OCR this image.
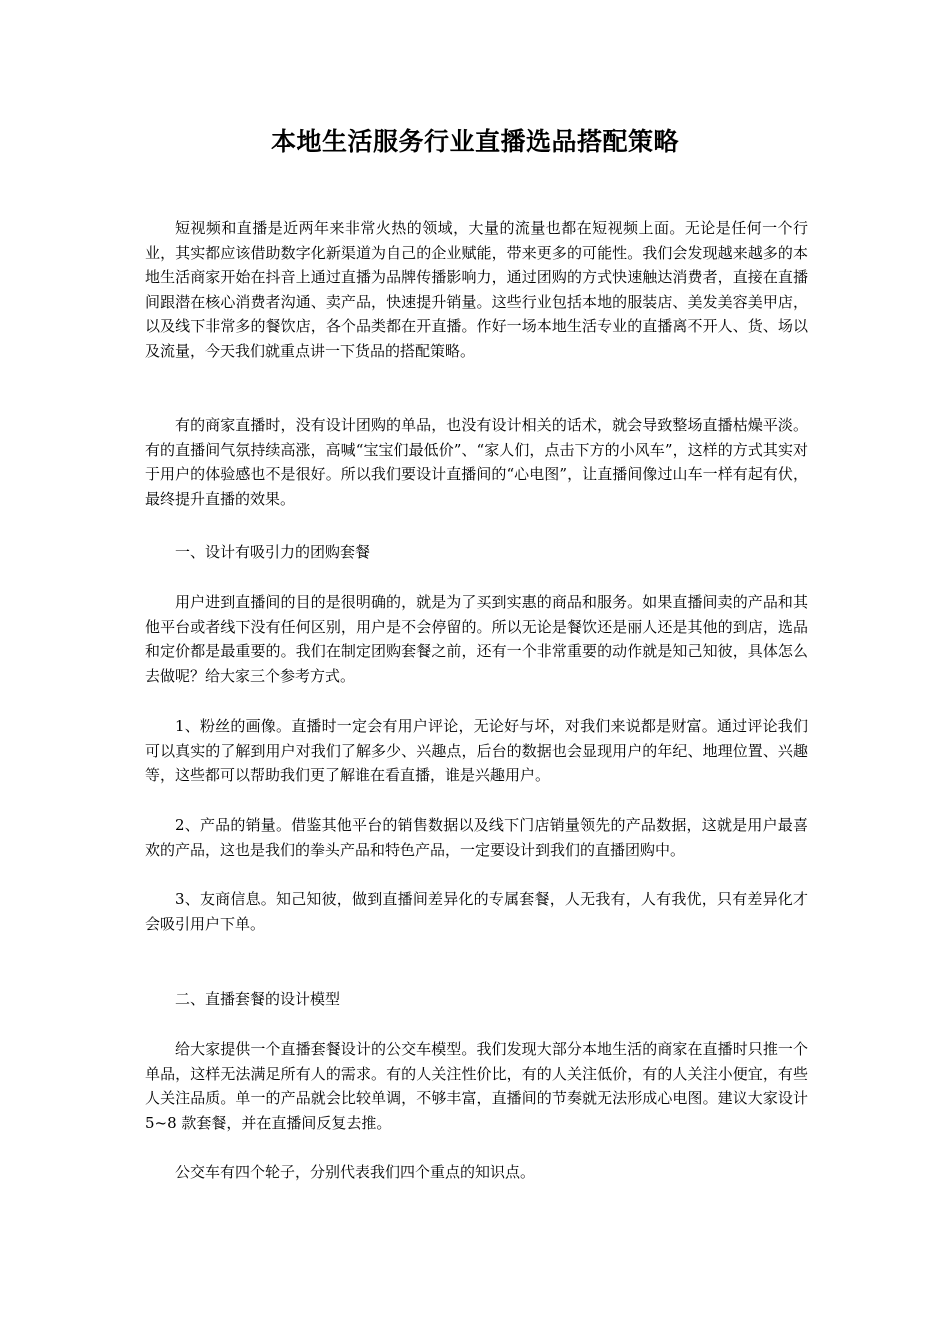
本地生活服务行业直播选品搭配策略

短视频和直播是近两年来非常火热的领域，大量的流量也都在短视频上面。无论是任何一个行业，其实都应该借助数字化新渠道为自己的企业赋能，带来更多的可能性。我们会发现越来越多的本地生活商家开始在抖音上通过直播为品牌传播影响力，通过团购的方式快速触达消费者，直接在直播间跟潜在核心消费者沟通、卖产品，快速提升销量。这些行业包括本地的服装店、美发美容美甲店，以及线下非常多的餐饮店，各个品类都在开直播。作好一场本地生活专业的直播离不开人、货、场以及流量，今天我们就重点讲一下货品的搭配策略。

有的商家直播时，没有设计团购的单品，也没有设计相关的话术，就会导致整场直播枯燥平淡。有的直播间气氛持续高涨，高喊“宝宝们最低价”、“家人们，点击下方的小风车”，这样的方式其实对于用户的体验感也不是很好。所以我们要设计直播间的“心电图”，让直播间像过山车一样有起有伏，最终提升直播的效果。

一、设计有吸引力的团购套餐

用户进到直播间的目的是很明确的，就是为了买到实惠的商品和服务。如果直播间卖的产品和其他平台或者线下没有任何区别，用户是不会停留的。所以无论是餐饮还是丽人还是其他的到店，选品和定价都是最重要的。我们在制定团购套餐之前，还有一个非常重要的动作就是知己知彼，具体怎么去做呢？给大家三个参考方式。

1、粉丝的画像。直播时一定会有用户评论，无论好与坏，对我们来说都是财富。通过评论我们可以真实的了解到用户对我们了解多少、兴趣点，后台的数据也会显现用户的年纪、地理位置、兴趣等，这些都可以帮助我们更了解谁在看直播，谁是兴趣用户。

2、产品的销量。借鉴其他平台的销售数据以及线下门店销量领先的产品数据，这就是用户最喜欢的产品，这也是我们的拳头产品和特色产品，一定要设计到我们的直播团购中。

3、友商信息。知己知彼，做到直播间差异化的专属套餐，人无我有，人有我优，只有差异化才会吸引用户下单。

二、直播套餐的设计模型

给大家提供一个直播套餐设计的公交车模型。我们发现大部分本地生活的商家在直播时只推一个单品，这样无法满足所有人的需求。有的人关注性价比，有的人关注低价，有的人关注小便宜，有些人关注品质。单一的产品就会比较单调，不够丰富，直播间的节奏就无法形成心电图。建议大家设计 5~8 款套餐，并在直播间反复去推。

公交车有四个轮子，分别代表我们四个重点的知识点。
